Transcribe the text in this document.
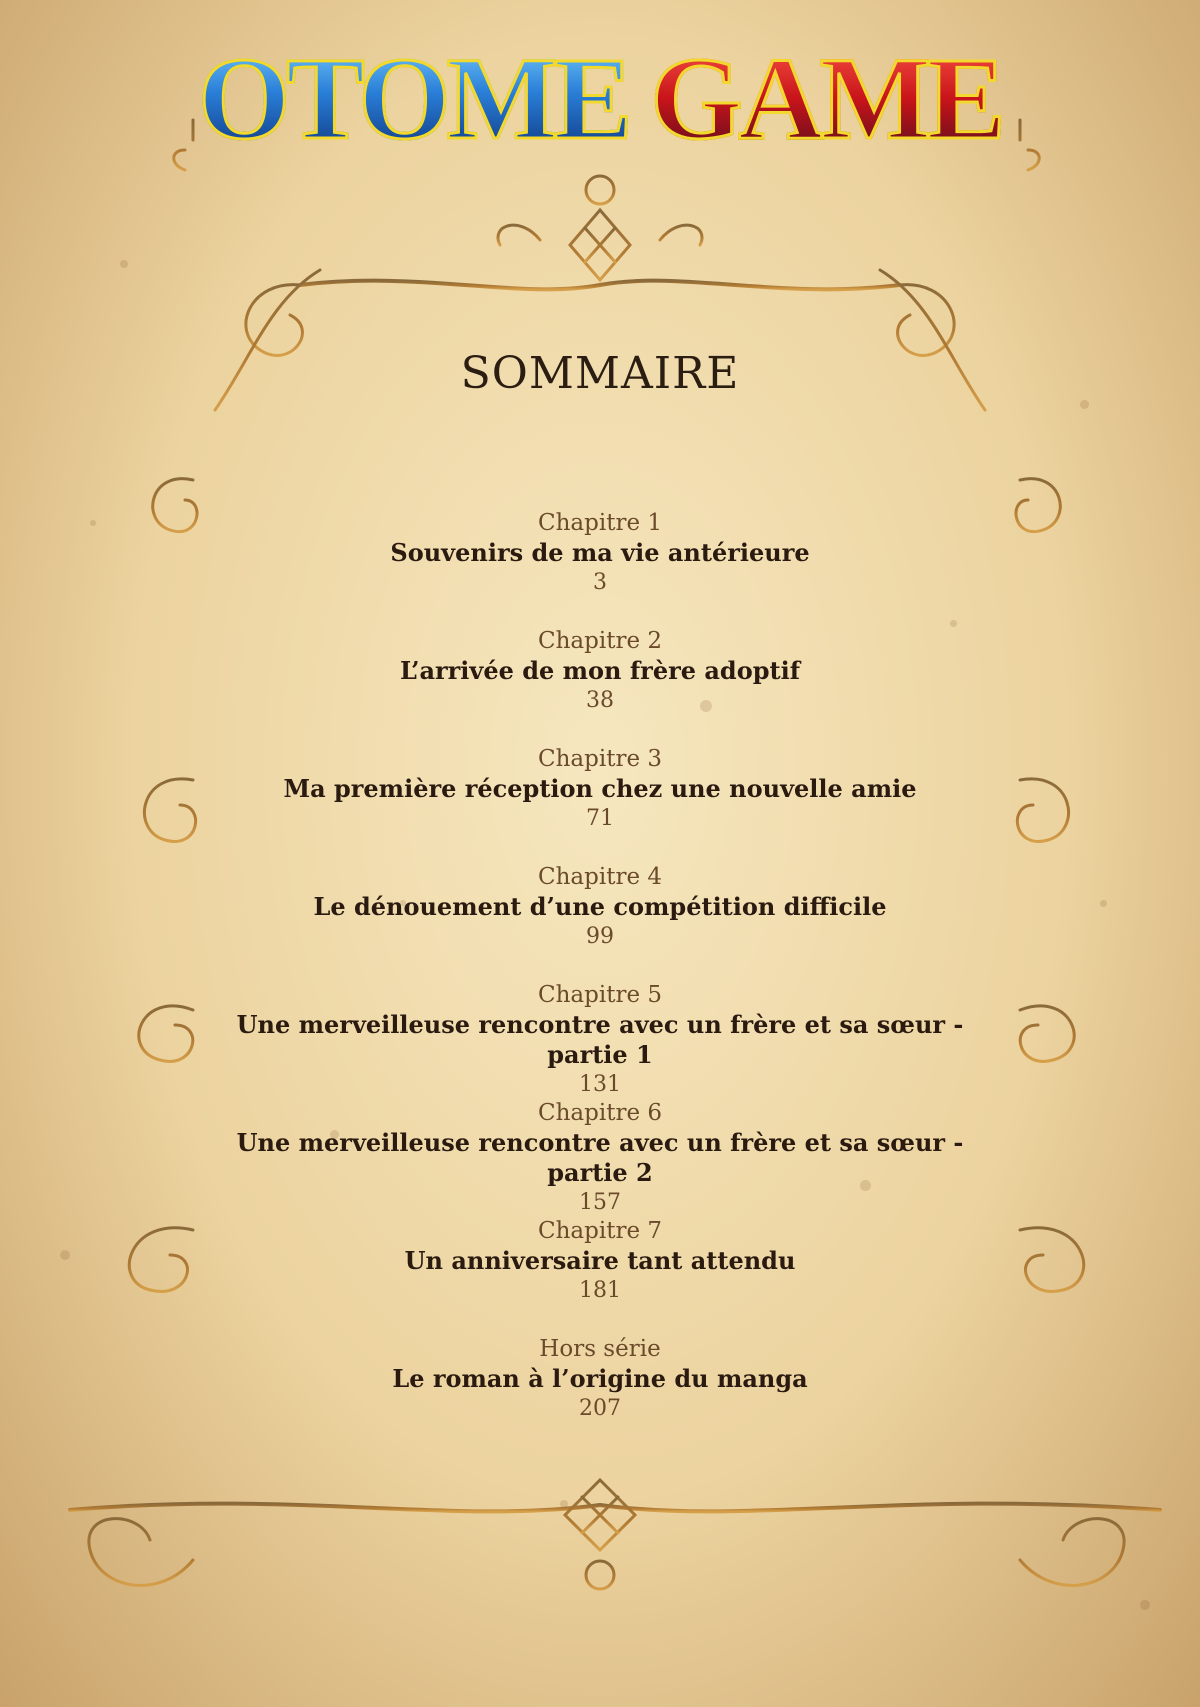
OTOME GAME
SOMMAIRE
Chapitre 1
Souvenirs de ma vie antérieure
3
Chapitre 2
L’arrivée de mon frère adoptif
38
Chapitre 3
Ma première réception chez une nouvelle amie
71
Chapitre 4
Le dénouement d’une compétition difficile
99
Chapitre 5
Une merveilleuse rencontre avec un frère et sa sœur - partie 1
131
Chapitre 6
Une merveilleuse rencontre avec un frère et sa sœur - partie 2
157
Chapitre 7
Un anniversaire tant attendu
181
Hors série
Le roman à l’origine du manga
207
